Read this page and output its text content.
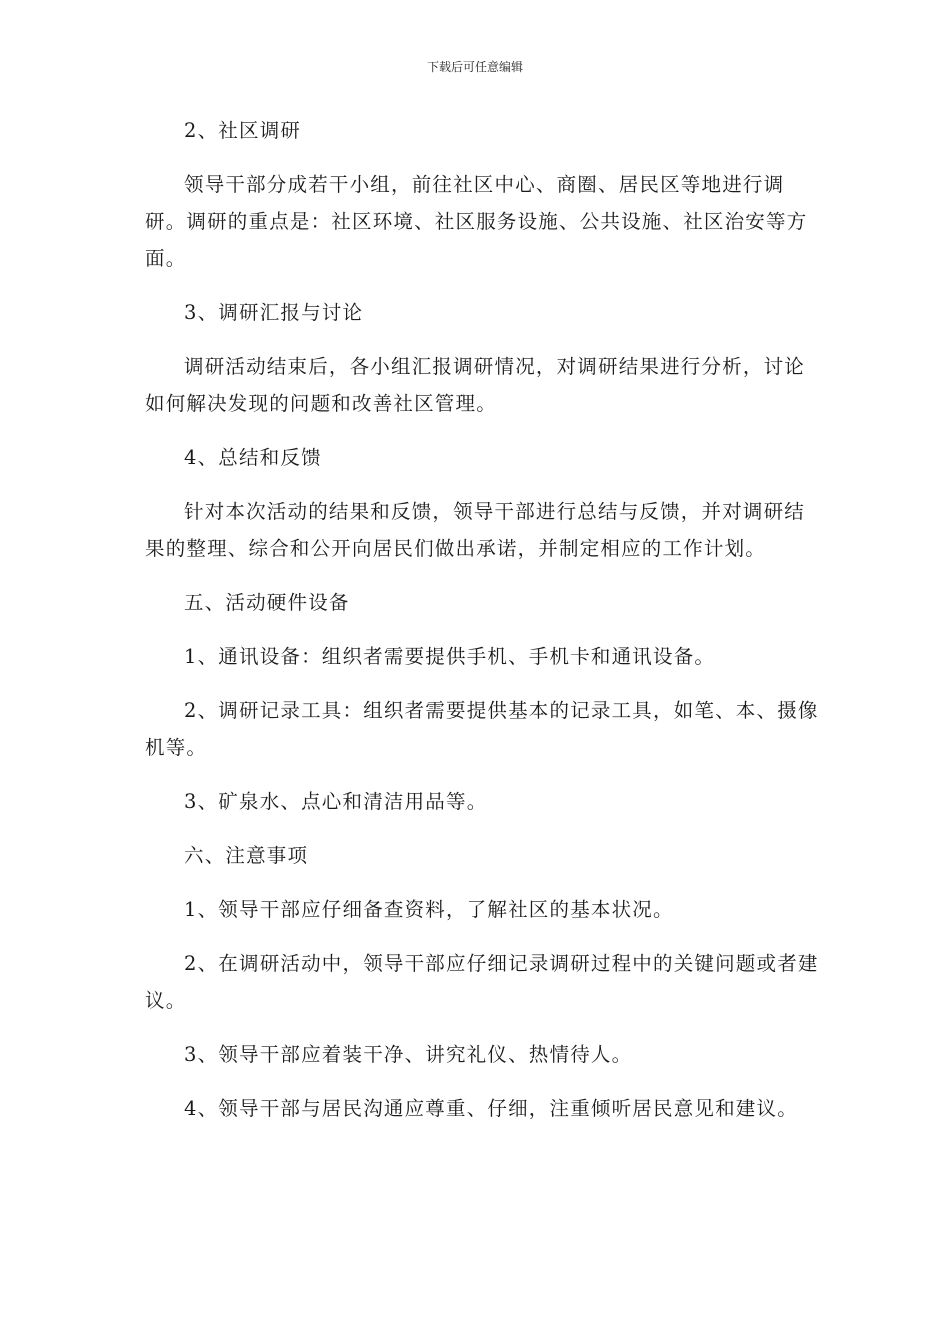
下载后可任意编辑

2、社区调研

领导干部分成若干小组，前往社区中心、商圈、居民区等地进行调研。调研的重点是：社区环境、社区服务设施、公共设施、社区治安等方面。

3、调研汇报与讨论

调研活动结束后，各小组汇报调研情况，对调研结果进行分析，讨论如何解决发现的问题和改善社区管理。

4、总结和反馈

针对本次活动的结果和反馈，领导干部进行总结与反馈，并对调研结果的整理、综合和公开向居民们做出承诺，并制定相应的工作计划。

五、活动硬件设备

1、通讯设备：组织者需要提供手机、手机卡和通讯设备。

2、调研记录工具：组织者需要提供基本的记录工具，如笔、本、摄像机等。

3、矿泉水、点心和清洁用品等。

六、注意事项

1、领导干部应仔细备查资料，了解社区的基本状况。

2、在调研活动中，领导干部应仔细记录调研过程中的关键问题或者建议。

3、领导干部应着装干净、讲究礼仪、热情待人。

4、领导干部与居民沟通应尊重、仔细，注重倾听居民意见和建议。
